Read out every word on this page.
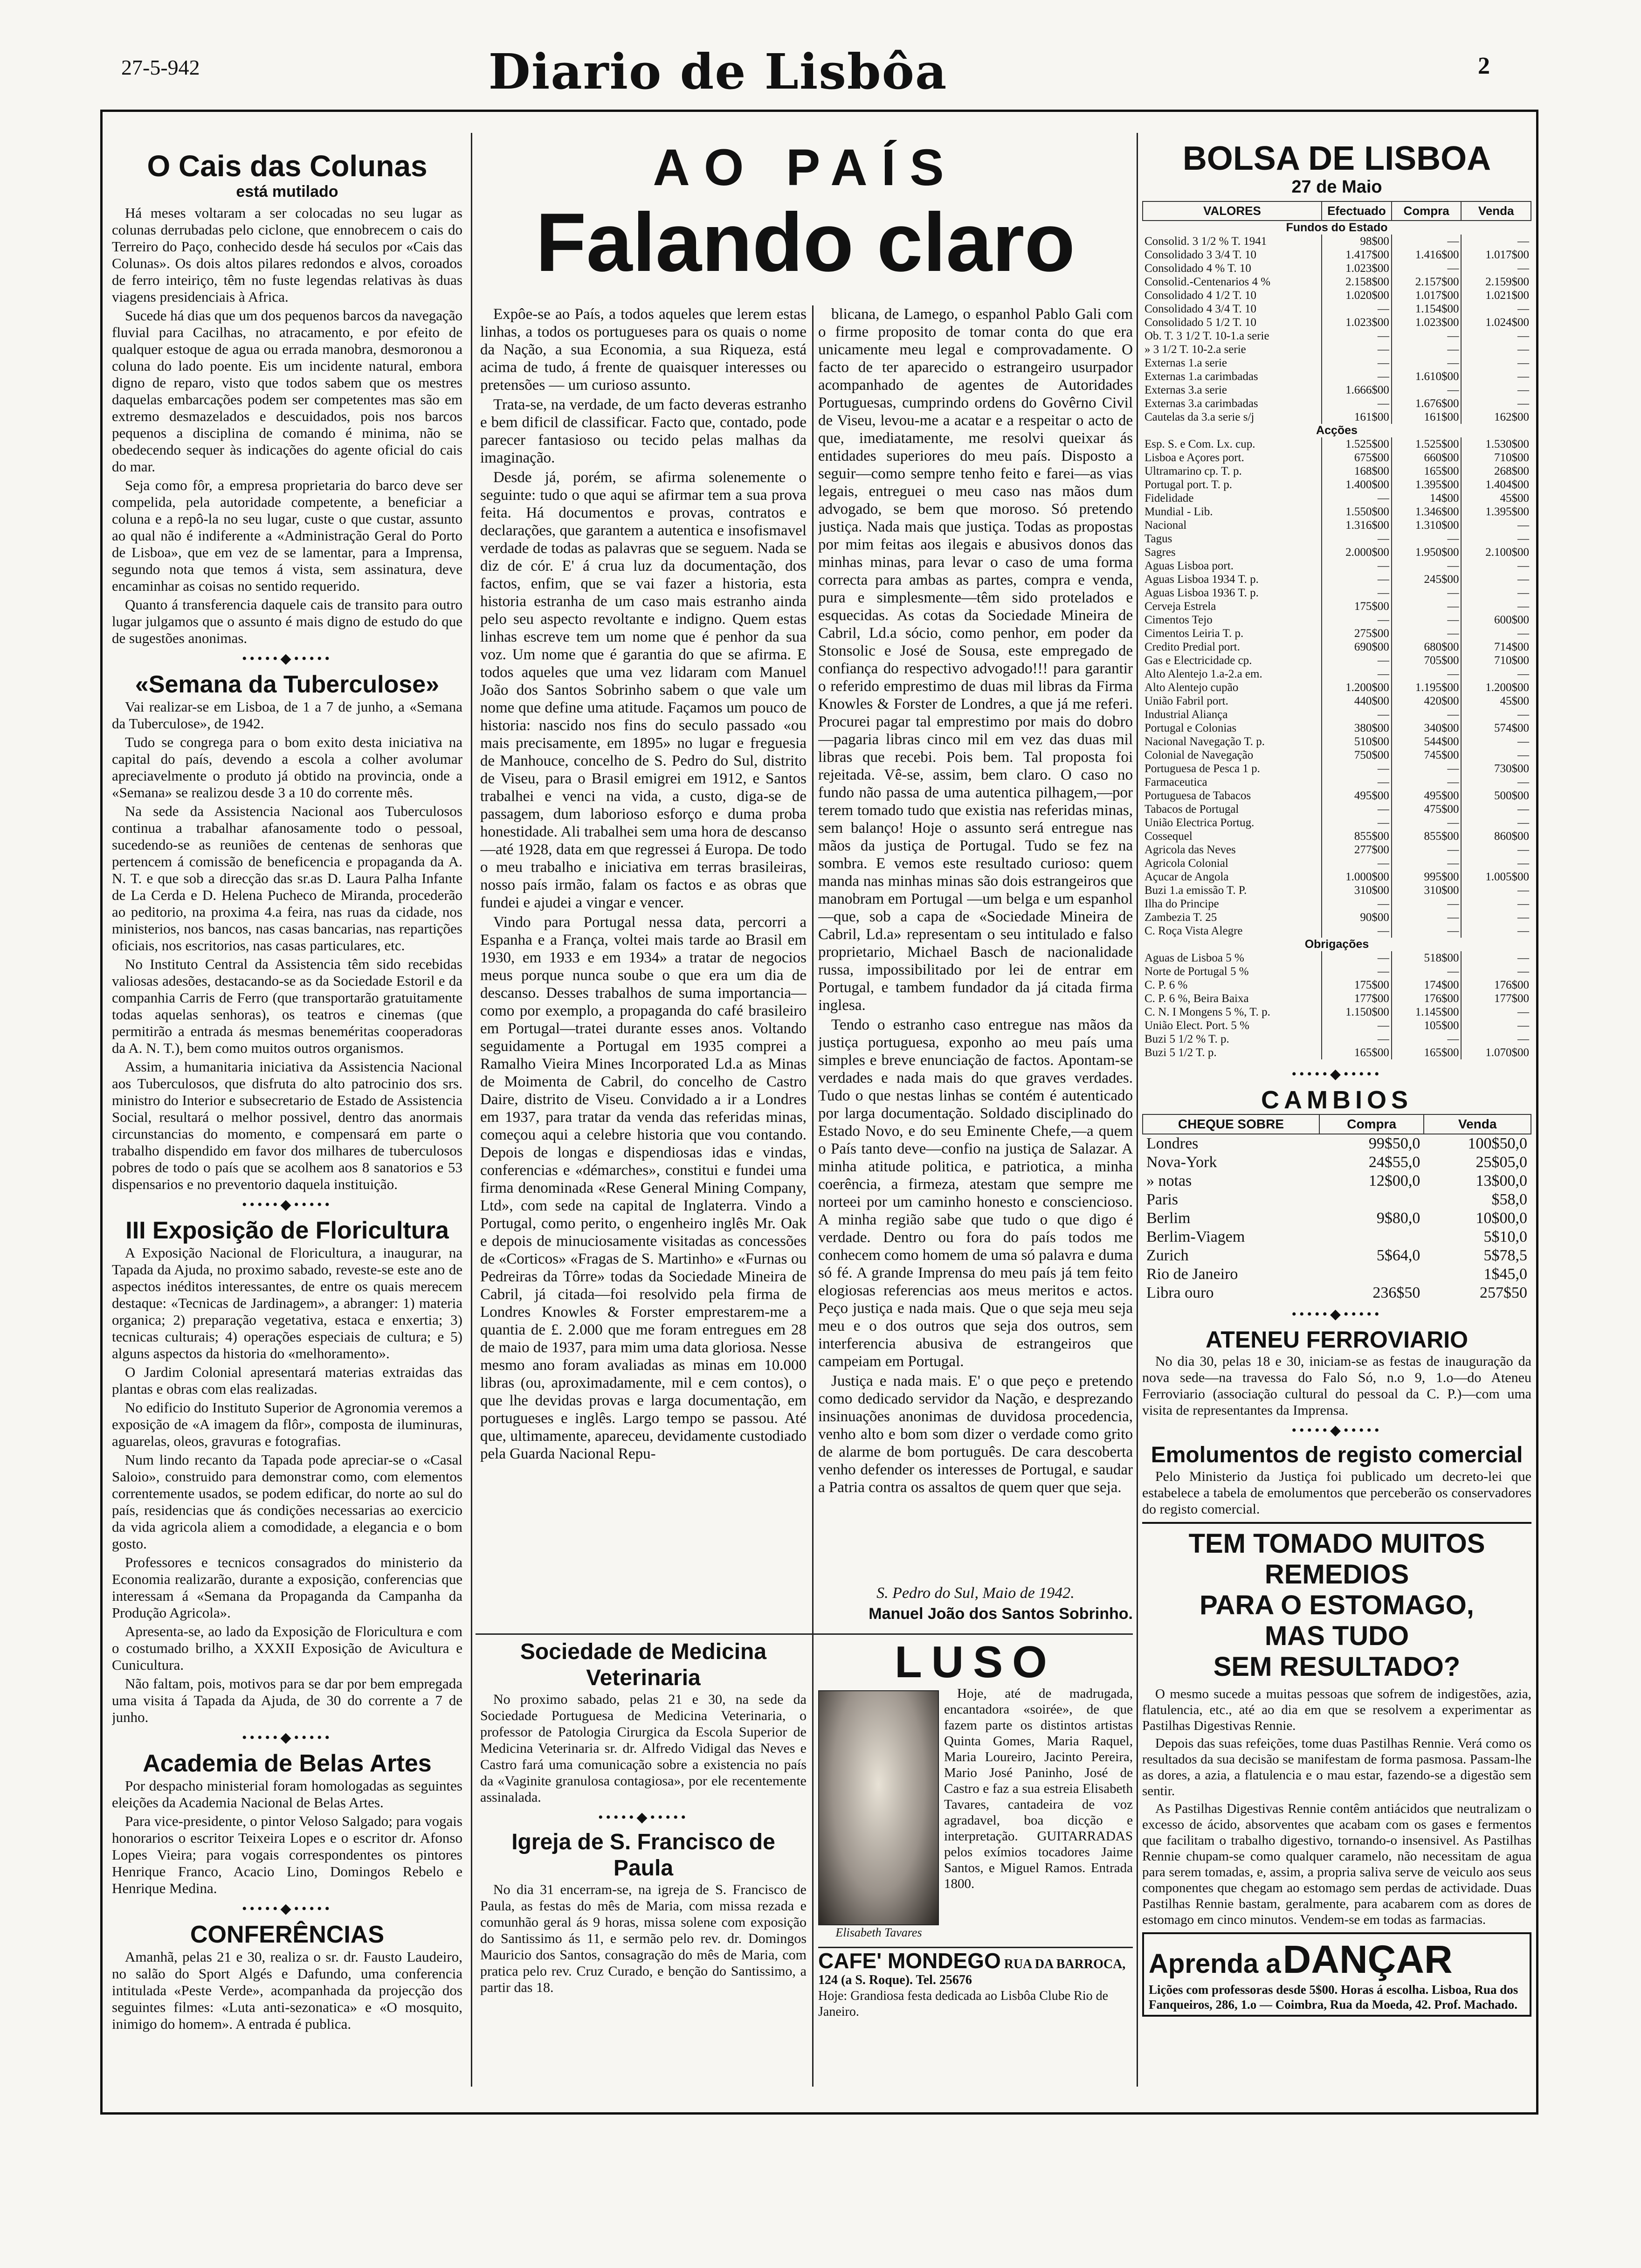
27-5-942	Diario de Lisbôa	2
O Cais das Colunas
está mutilado

Há meses voltaram a ser colocadas no seu lugar as colunas derrubadas pelo ciclone, que ennobrecem o cais do Terreiro do Paço, conhecido desde há seculos por «Cais das Colunas». Os dois altos pilares redondos e alvos, coroados de ferro inteiriço, têm no fuste legendas relativas às duas viagens presidenciais à Africa.

Sucede há dias que um dos pequenos barcos da navegação fluvial para Cacilhas, no atracamento, e por efeito de qualquer estoque de agua ou errada manobra, desmoronou a coluna do lado poente. Eis um incidente natural, embora digno de reparo, visto que todos sabem que os mestres daquelas embarcações podem ser competentes mas são em extremo desmazelados e descuidados, pois nos barcos pequenos a disciplina de comando é minima, não se obedecendo sequer às indicações do agente oficial do cais do mar.

Seja como fôr, a empresa proprietaria do barco deve ser compelida, pela autoridade competente, a beneficiar a coluna e a repô-la no seu lugar, custe o que custar, assunto ao qual não é indiferente a «Administração Geral do Porto de Lisboa», que em vez de se lamentar, para a Imprensa, segundo nota que temos á vista, sem assinatura, deve encaminhar as coisas no sentido requerido.

Quanto á transferencia daquele cais de transito para outro lugar julgamos que o assunto é mais digno de estudo do que de sugestões anonimas.

•••••◆•••••
«Semana da Tuberculose»

Vai realizar-se em Lisboa, de 1 a 7 de junho, a «Semana da Tuberculose», de 1942.

Tudo se congrega para o bom exito desta iniciativa na capital do país, devendo a escola a colher avolumar apreciavelmente o produto já obtido na provincia, onde a «Semana» se realizou desde 3 a 10 do corrente mês.

Na sede da Assistencia Nacional aos Tuberculosos continua a trabalhar afanosamente todo o pessoal, sucedendo-se as reuniões de centenas de senhoras que pertencem á comissão de beneficencia e propaganda da A. N. T. e que sob a direcção das sr.as D. Laura Palha Infante de La Cerda e D. Helena Pucheco de Miranda, procederão ao peditorio, na proxima 4.a feira, nas ruas da cidade, nos ministerios, nos bancos, nas casas bancarias, nas repartições oficiais, nos escritorios, nas casas particulares, etc.

No Instituto Central da Assistencia têm sido recebidas valiosas adesões, destacando-se as da Sociedade Estoril e da companhia Carris de Ferro (que transportarão gratuitamente todas aquelas senhoras), os teatros e cinemas (que permitirão a entrada ás mesmas beneméritas cooperadoras da A. N. T.), bem como muitos outros organismos.

Assim, a humanitaria iniciativa da Assistencia Nacional aos Tuberculosos, que disfruta do alto patrocinio dos srs. ministro do Interior e subsecretario de Estado de Assistencia Social, resultará o melhor possivel, dentro das anormais circunstancias do momento, e compensará em parte o trabalho dispendido em favor dos milhares de tuberculosos pobres de todo o país que se acolhem aos 8 sanatorios e 53 dispensarios e no preventorio daquela instituição.

•••••◆•••••
III Exposição de Floricultura

A Exposição Nacional de Floricultura, a inaugurar, na Tapada da Ajuda, no proximo sabado, reveste-se este ano de aspectos inéditos interessantes, de entre os quais merecem destaque: «Tecnicas de Jardinagem», a abranger: 1) materia organica; 2) preparação vegetativa, estaca e enxertia; 3) tecnicas culturais; 4) operações especiais de cultura; e 5) alguns aspectos da historia do «melhoramento».

O Jardim Colonial apresentará materias extraidas das plantas e obras com elas realizadas.

No edificio do Instituto Superior de Agronomia veremos a exposição de «A imagem da flôr», composta de iluminuras, aguarelas, oleos, gravuras e fotografias.

Num lindo recanto da Tapada pode apreciar-se o «Casal Saloio», construido para demonstrar como, com elementos correntemente usados, se podem edificar, do norte ao sul do país, residencias que ás condições necessarias ao exercicio da vida agricola aliem a comodidade, a elegancia e o bom gosto.

Professores e tecnicos consagrados do ministerio da Economia realizarão, durante a exposição, conferencias que interessam á «Semana da Propaganda da Campanha da Produção Agricola».

Apresenta-se, ao lado da Exposição de Floricultura e com o costumado brilho, a XXXII Exposição de Avicultura e Cunicultura.

Não faltam, pois, motivos para se dar por bem empregada uma visita á Tapada da Ajuda, de 30 do corrente a 7 de junho.

•••••◆•••••
Academia de Belas Artes

Por despacho ministerial foram homologadas as seguintes eleições da Academia Nacional de Belas Artes.

Para vice-presidente, o pintor Veloso Salgado; para vogais honorarios o escritor Teixeira Lopes e o escritor dr. Afonso Lopes Vieira; para vogais correspondentes os pintores Henrique Franco, Acacio Lino, Domingos Rebelo e Henrique Medina.

•••••◆•••••
CONFERÊNCIAS

Amanhã, pelas 21 e 30, realiza o sr. dr. Fausto Laudeiro, no salão do Sport Algés e Dafundo, uma conferencia intitulada «Peste Verde», acompanhada da projecção dos seguintes filmes: «Luta anti-sezonatica» e «O mosquito, inimigo do homem». A entrada é publica.

AO PAÍS
Falando claro

Expôe-se ao País, a todos aqueles que lerem estas linhas, a todos os portugueses para os quais o nome da Nação, a sua Economia, a sua Riqueza, está acima de tudo, á frente de quaisquer interesses ou pretensões — um curioso assunto.

Trata-se, na verdade, de um facto deveras estranho e bem dificil de classificar. Facto que, contado, pode parecer fantasioso ou tecido pelas malhas da imaginação.

Desde já, porém, se afirma solenemente o seguinte: tudo o que aqui se afirmar tem a sua prova feita. Há documentos e provas, contratos e declarações, que garantem a autentica e insofismavel verdade de todas as palavras que se seguem. Nada se diz de cór. E' á crua luz da documentação, dos factos, enfim, que se vai fazer a historia, esta historia estranha de um caso mais estranho ainda pelo seu aspecto revoltante e indigno. Quem estas linhas escreve tem um nome que é penhor da sua voz. Um nome que é garantia do que se afirma. E todos aqueles que uma vez lidaram com Manuel João dos Santos Sobrinho sabem o que vale um nome que define uma atitude. Façamos um pouco de historia: nascido nos fins do seculo passado «ou mais precisamente, em 1895» no lugar e freguesia de Manhouce, concelho de S. Pedro do Sul, distrito de Viseu, para o Brasil emigrei em 1912, e Santos trabalhei e venci na vida, a custo, diga-se de passagem, dum laborioso esforço e duma proba honestidade. Ali trabalhei sem uma hora de descanso—até 1928, data em que regressei á Europa. De todo o meu trabalho e iniciativa em terras brasileiras, nosso país irmão, falam os factos e as obras que fundei e ajudei a vingar e vencer.

Vindo para Portugal nessa data, percorri a Espanha e a França, voltei mais tarde ao Brasil em 1930, em 1933 e em 1934» a tratar de negocios meus porque nunca soube o que era um dia de descanso. Desses trabalhos de suma importancia—como por exemplo, a propaganda do café brasileiro em Portugal—tratei durante esses anos. Voltando seguidamente a Portugal em 1935 comprei a Ramalho Vieira Mines Incorporated Ld.a as Minas de Moimenta de Cabril, do concelho de Castro Daire, distrito de Viseu. Convidado a ir a Londres em 1937, para tratar da venda das referidas minas, começou aqui a celebre historia que vou contando. Depois de longas e dispendiosas idas e vindas, conferencias e «démarches», constitui e fundei uma firma denominada «Rese General Mining Company, Ltd», com sede na capital de Inglaterra. Vindo a Portugal, como perito, o engenheiro inglês Mr. Oak e depois de minuciosamente visitadas as concessões de «Corticos» «Fragas de S. Martinho» e «Furnas ou Pedreiras da Tôrre» todas da Sociedade Mineira de Cabril, já citada—foi resolvido pela firma de Londres Knowles & Forster emprestarem-me a quantia de £. 2.000 que me foram entregues em 28 de maio de 1937, para mim uma data gloriosa. Nesse mesmo ano foram avaliadas as minas em 10.000 libras (ou, aproximadamente, mil e cem contos), o que lhe devidas provas e larga documentação, em portugueses e inglês. Largo tempo se passou. Até que, ultimamente, apareceu, devidamente custodiado pela Guarda Nacional Repu-

blicana, de Lamego, o espanhol Pablo Gali com o firme proposito de tomar conta do que era unicamente meu legal e comprovadamente. O facto de ter aparecido o estrangeiro usurpador acompanhado de agentes de Autoridades Portuguesas, cumprindo ordens do Govêrno Civil de Viseu, levou-me a acatar e a respeitar o acto de que, imediatamente, me resolvi queixar ás entidades superiores do meu país. Disposto a seguir—como sempre tenho feito e farei—as vias legais, entreguei o meu caso nas mãos dum advogado, se bem que moroso. Só pretendo justiça. Nada mais que justiça. Todas as propostas por mim feitas aos ilegais e abusivos donos das minhas minas, para levar o caso de uma forma correcta para ambas as partes, compra e venda, pura e simplesmente—têm sido protelados e esquecidas. As cotas da Sociedade Mineira de Cabril, Ld.a sócio, como penhor, em poder da Stonsolic e José de Sousa, este empregado de confiança do respectivo advogado!!! para garantir o referido emprestimo de duas mil libras da Firma Knowles & Forster de Londres, a que já me referi. Procurei pagar tal emprestimo por mais do dobro—pagaria libras cinco mil em vez das duas mil libras que recebi. Pois bem. Tal proposta foi rejeitada. Vê-se, assim, bem claro. O caso no fundo não passa de uma autentica pilhagem,—por terem tomado tudo que existia nas referidas minas, sem balanço! Hoje o assunto será entregue nas mãos da justiça de Portugal. Tudo se fez na sombra. E vemos este resultado curioso: quem manda nas minhas minas são dois estrangeiros que manobram em Portugal —um belga e um espanhol—que, sob a capa de «Sociedade Mineira de Cabril, Ld.a» representam o seu intitulado e falso proprietario, Michael Basch de nacionalidade russa, impossibilitado por lei de entrar em Portugal, e tambem fundador da já citada firma inglesa.

Tendo o estranho caso entregue nas mãos da justiça portuguesa, exponho ao meu país uma simples e breve enunciação de factos. Apontam-se verdades e nada mais do que graves verdades. Tudo o que nestas linhas se contém é autenticado por larga documentação. Soldado disciplinado do Estado Novo, e do seu Eminente Chefe,—a quem o País tanto deve—confio na justiça de Salazar. A minha atitude politica, e patriotica, a minha coerência, a firmeza, atestam que sempre me norteei por um caminho honesto e consciencioso. A minha região sabe que tudo o que digo é verdade. Dentro ou fora do país todos me conhecem como homem de uma só palavra e duma só fé. A grande Imprensa do meu país já tem feito elogiosas referencias aos meus meritos e actos. Peço justiça e nada mais. Que o que seja meu seja meu e o dos outros que seja dos outros, sem interferencia abusiva de estrangeiros que campeiam em Portugal.

Justiça e nada mais. E' o que peço e pretendo como dedicado servidor da Nação, e desprezando insinuações anonimas de duvidosa procedencia, venho alto e bom som dizer o verdade como grito de alarme de bom português. De cara descoberta venho defender os interesses de Portugal, e saudar a Patria contra os assaltos de quem quer que seja.

S. Pedro do Sul, Maio de 1942.
Manuel João dos Santos Sobrinho.
Sociedade de Medicina Veterinaria

No proximo sabado, pelas 21 e 30, na sede da Sociedade Portuguesa de Medicina Veterinaria, o professor de Patologia Cirurgica da Escola Superior de Medicina Veterinaria sr. dr. Alfredo Vidigal das Neves e Castro fará uma comunicação sobre a existencia no país da «Vaginite granulosa contagiosa», por ele recentemente assinalada.

•••••◆•••••
Igreja de S. Francisco de Paula

No dia 31 encerram-se, na igreja de S. Francisco de Paula, as festas do mês de Maria, com missa rezada e comunhão geral ás 9 horas, missa solene com exposição do Santissimo ás 11, e sermão pelo rev. dr. Domingos Mauricio dos Santos, consagração do mês de Maria, com pratica pelo rev. Cruz Curado, e benção do Santissimo, a partir das 18.

LUSO
Elisabeth Tavares

Hoje, até de madrugada, encantadora «soirée», de que fazem parte os distintos artistas Quinta Gomes, Maria Raquel, Maria Loureiro, Jacinto Pereira, Mario José Paninho, José de Castro e faz a sua estreia Elisabeth Tavares, cantadeira de voz agradavel, boa dicção e interpretação. GUITARRADAS pelos exímios tocadores Jaime Santos, e Miguel Ramos. Entrada 1800.

CAFE' MONDEGO RUA DA BARROCA, 124 (a S. Roque). Tel. 25676
Hoje: Grandiosa festa dedicada ao Lisbôa Clube Rio de Janeiro.
BOLSA DE LISBOA
27 de Maio
VALORES	Efectuado	Compra	Venda
Fundos do Estado			
Consolid. 3 1/2 % T. 1941	98$00	—	—
Consolidado 3 3/4 T. 10	1.417$00	1.416$00	1.017$00
Consolidado 4 % T. 10	1.023$00	—	—
Consolid.-Centenarios 4 %	2.158$00	2.157$00	2.159$00
Consolidado 4 1/2 T. 10	1.020$00	1.017$00	1.021$00
Consolidado 4 3/4 T. 10	—	1.154$00	—
Consolidado 5 1/2 T. 10	1.023$00	1.023$00	1.024$00
Ob. T. 3 1/2 T. 10-1.a serie	—	—	—
» 3 1/2 T. 10-2.a serie	—	—	—
Externas 1.a serie	—	—	—
Externas 1.a carimbadas	—	1.610$00	—
Externas 3.a serie	1.666$00	—	—
Externas 3.a carimbadas	—	1.676$00	—
Cautelas da 3.a serie s/j	161$00	161$00	162$00
Acções			
Esp. S. e Com. Lx. cup.	1.525$00	1.525$00	1.530$00
Lisboa e Açores port.	675$00	660$00	710$00
Ultramarino cp. T. p.	168$00	165$00	268$00
Portugal port. T. p.	1.400$00	1.395$00	1.404$00
Fidelidade	—	14$00	45$00
Mundial - Lib.	1.550$00	1.346$00	1.395$00
Nacional	1.316$00	1.310$00	—
Tagus	—	—	—
Sagres	2.000$00	1.950$00	2.100$00
Aguas Lisboa port.	—	—	—
Aguas Lisboa 1934 T. p.	—	245$00	—
Aguas Lisboa 1936 T. p.	—	—	—
Cerveja Estrela	175$00	—	—
Cimentos Tejo	—	—	600$00
Cimentos Leiria T. p.	275$00	—	—
Credito Predial port.	690$00	680$00	714$00
Gas e Electricidade cp.	—	705$00	710$00
Alto Alentejo 1.a-2.a em.	—	—	—
Alto Alentejo cupão	1.200$00	1.195$00	1.200$00
União Fabril port.	440$00	420$00	45$00
Industrial Aliança	—	—	—
Portugal e Colonias	380$00	340$00	574$00
Nacional Navegação T. p.	510$00	544$00	—
Colonial de Navegação	750$00	745$00	—
Portuguesa de Pesca 1 p.	—	—	730$00
Farmaceutica	—	—	—
Portuguesa de Tabacos	495$00	495$00	500$00
Tabacos de Portugal	—	475$00	—
União Electrica Portug.	—	—	—
Cossequel	855$00	855$00	860$00
Agricola das Neves	277$00	—	—
Agricola Colonial	—	—	—
Açucar de Angola	1.000$00	995$00	1.005$00
Buzi 1.a emissão T. P.	310$00	310$00	—
Ilha do Principe	—	—	—
Zambezia T. 25	90$00	—	—
C. Roça Vista Alegre	—	—	—
Obrigações			
Aguas de Lisboa 5 %	—	518$00	—
Norte de Portugal 5 %	—	—	—
C. P. 6 %	175$00	174$00	176$00
C. P. 6 %, Beira Baixa	177$00	176$00	177$00
C. N. I Mongens 5 %, T. p.	1.150$00	1.145$00	—
União Elect. Port. 5 %	—	105$00	—
Buzi 5 1/2 % T. p.	—	—	—
Buzi 5 1/2 T. p.	165$00	165$00	1.070$00
•••••◆•••••
CAMBIOS
CHEQUE SOBRE	Compra	Venda
Londres	99$50,0	100$50,0
Nova-York	24$55,0	25$05,0
» notas	12$00,0	13$00,0
Paris		$58,0
Berlim	9$80,0	10$00,0
Berlim-Viagem		5$10,0
Zurich	5$64,0	5$78,5
Rio de Janeiro		1$45,0
Libra ouro	236$50	257$50
•••••◆•••••
ATENEU FERROVIARIO

No dia 30, pelas 18 e 30, iniciam-se as festas de inauguração da nova sede—na travessa do Falo Só, n.o 9, 1.o—do Ateneu Ferroviario (associação cultural do pessoal da C. P.)—com uma visita de representantes da Imprensa.

•••••◆•••••
Emolumentos de registo comercial

Pelo Ministerio da Justiça foi publicado um decreto-lei que estabelece a tabela de emolumentos que perceberão os conservadores do registo comercial.

TEM TOMADO MUITOS
REMEDIOS
PARA O ESTOMAGO,
MAS TUDO
SEM RESULTADO?

O mesmo sucede a muitas pessoas que sofrem de indigestões, azia, flatulencia, etc., até ao dia em que se resolvem a experimentar as Pastilhas Digestivas Rennie.

Depois das suas refeições, tome duas Pastilhas Rennie. Verá como os resultados da sua decisão se manifestam de forma pasmosa. Passam-lhe as dores, a azia, a flatulencia e o mau estar, fazendo-se a digestão sem sentir.

As Pastilhas Digestivas Rennie contêm antiácidos que neutralizam o excesso de ácido, absorventes que acabam com os gases e fermentos que facilitam o trabalho digestivo, tornando-o insensivel. As Pastilhas Rennie chupam-se como qualquer caramelo, não necessitam de agua para serem tomadas, e, assim, a propria saliva serve de veiculo aos seus componentes que chegam ao estomago sem perdas de actividade. Duas Pastilhas Rennie bastam, geralmente, para acabarem com as dores de estomago em cinco minutos. Vendem-se em todas as farmacias.

Aprenda a DANÇAR
Lições com professoras desde 5$00. Horas á escolha. Lisboa, Rua dos Fanqueiros, 286, 1.o — Coimbra, Rua da Moeda, 42. Prof. Machado.
